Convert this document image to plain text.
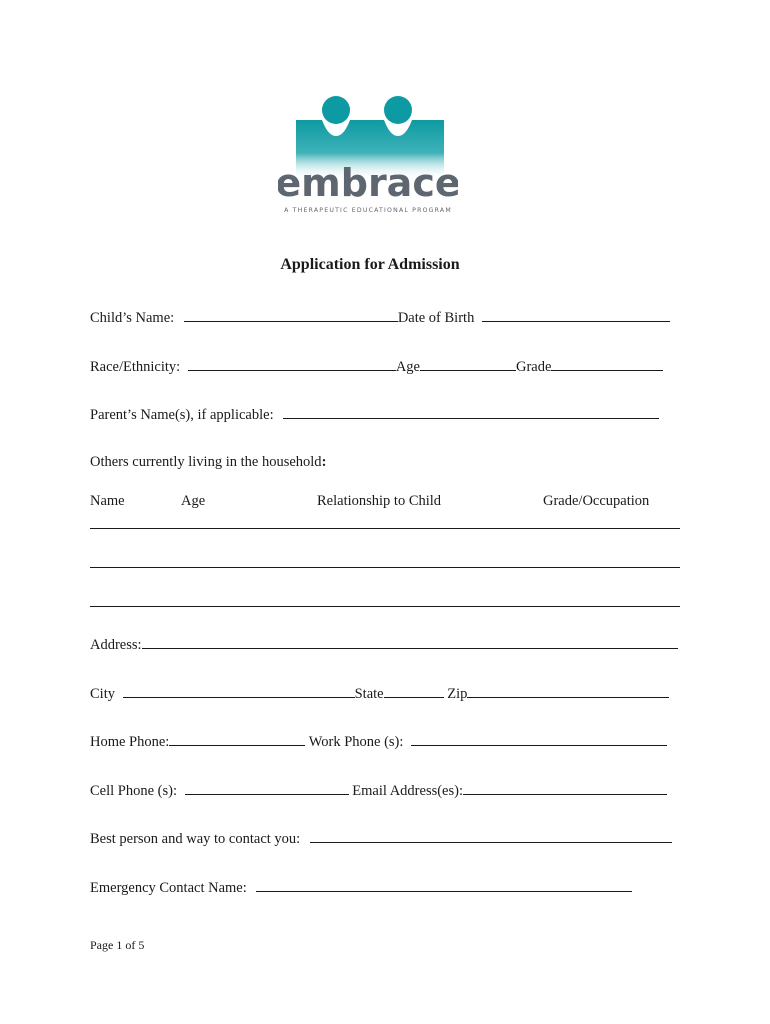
embrace
A THERAPEUTIC EDUCATIONAL PROGRAM
Application for Admission
Child’s Name:	Date of Birth
Race/Ethnicity:	Age	Grade
Parent’s Name(s), if applicable:
Others currently living in the household:
Name	Age	Relationship to Child	Grade/Occupation
Address:
City	State	Zip
Home Phone:	Work Phone (s):
Cell Phone (s):	Email Address(es):
Best person and way to contact you:
Emergency Contact Name:
Page 1 of 5
